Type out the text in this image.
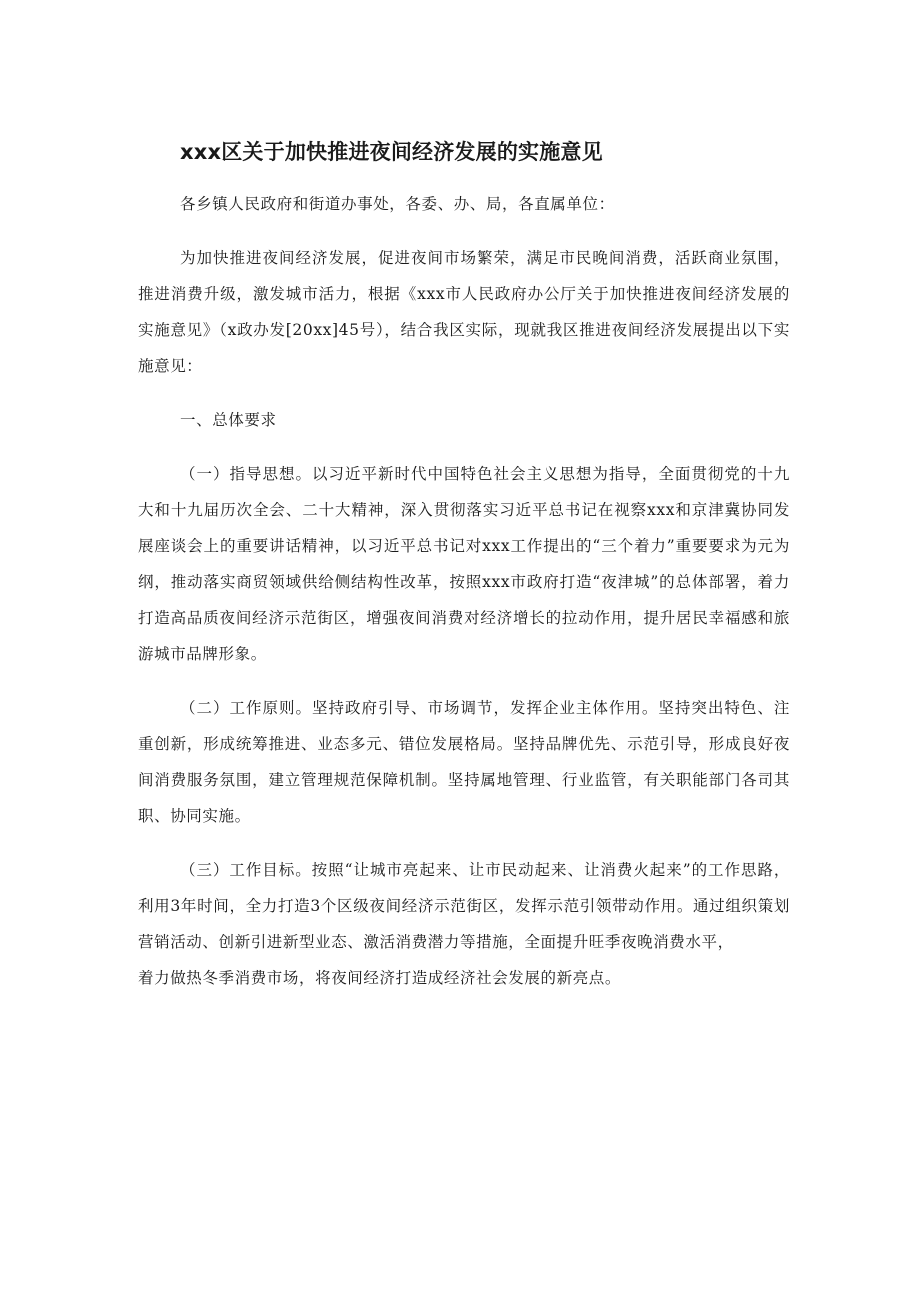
xxx区关于加快推进夜间经济发展的实施意见

各乡镇人民政府和街道办事处，各委、办、局，各直属单位：

为加快推进夜间经济发展，促进夜间市场繁荣，满足市民晚间消费，活跃商业氛围，推进消费升级，激发城市活力，根据《xxx市人民政府办公厅关于加快推进夜间经济发展的实施意见》（x政办发[20xx]45号），结合我区实际，现就我区推进夜间经济发展提出以下实施意见：

一、总体要求

（一）指导思想。以习近平新时代中国特色社会主义思想为指导，全面贯彻党的十九大和十九届历次全会、二十大精神，深入贯彻落实习近平总书记在视察xxx和京津冀协同发展座谈会上的重要讲话精神，以习近平总书记对xxx工作提出的“三个着力”重要要求为元为纲，推动落实商贸领域供给侧结构性改革，按照xxx市政府打造“夜津城”的总体部署，着力打造高品质夜间经济示范街区，增强夜间消费对经济增长的拉动作用，提升居民幸福感和旅游城市品牌形象。

（二）工作原则。坚持政府引导、市场调节，发挥企业主体作用。坚持突出特色、注重创新，形成统筹推进、业态多元、错位发展格局。坚持品牌优先、示范引导，形成良好夜间消费服务氛围，建立管理规范保障机制。坚持属地管理、行业监管，有关职能部门各司其职、协同实施。

（三）工作目标。按照“让城市亮起来、让市民动起来、让消费火起来”的工作思路，利用3年时间，全力打造3个区级夜间经济示范街区，发挥示范引领带动作用。通过组织策划营销活动、创新引进新型业态、激活消费潜力等措施，全面提升旺季夜晚消费水平，

着力做热冬季消费市场，将夜间经济打造成经济社会发展的新亮点。
